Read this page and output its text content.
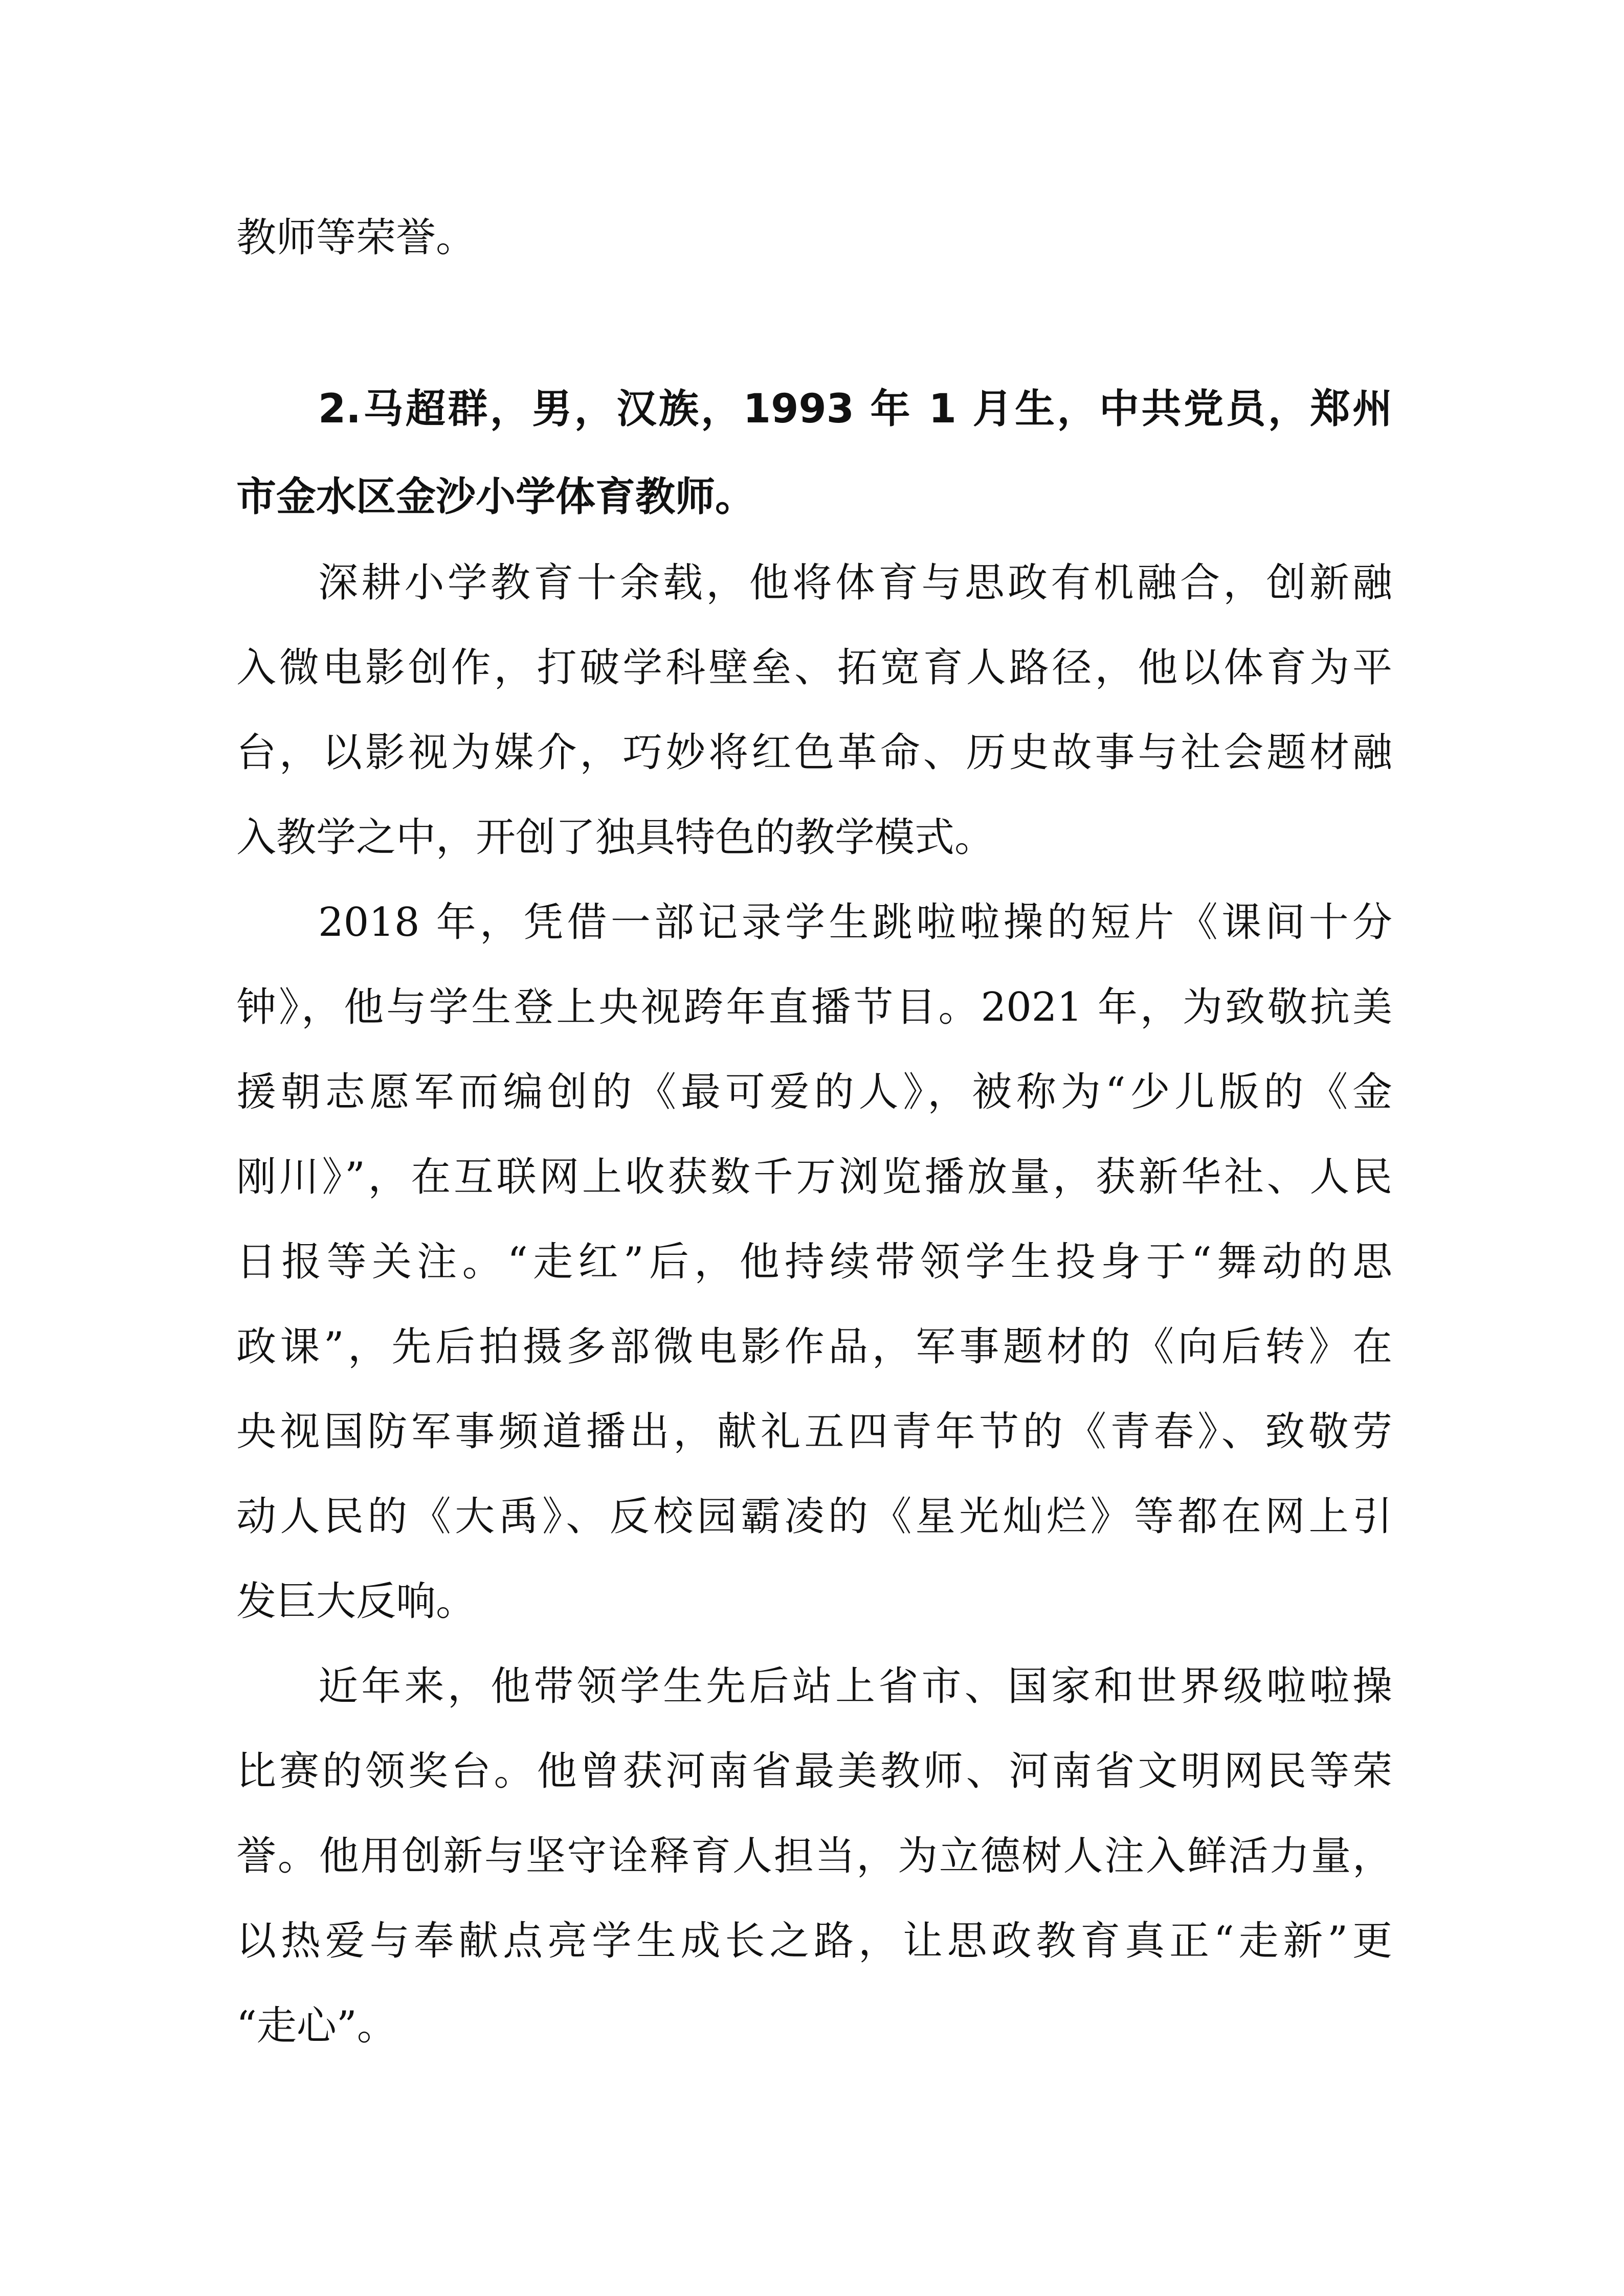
教师等荣誉。
2.马超群，男，汉族，1993 年 1 月生，中共党员，郑州
市金水区金沙小学体育教师。
深耕小学教育十余载，他将体育与思政有机融合，创新融
入微电影创作，打破学科壁垒、拓宽育人路径，他以体育为平
台，以影视为媒介，巧妙将红色革命、历史故事与社会题材融
入教学之中，开创了独具特色的教学模式。
2018 年，凭借一部记录学生跳啦啦操的短片《课间十分
钟》，他与学生登上央视跨年直播节目。2021 年，为致敬抗美
援朝志愿军而编创的《最可爱的人》，被称为“少儿版的《金
刚川》”，在互联网上收获数千万浏览播放量，获新华社、人民
日报等关注。“走红”后，他持续带领学生投身于“舞动的思
政课”，先后拍摄多部微电影作品，军事题材的《向后转》在
央视国防军事频道播出，献礼五四青年节的《青春》、致敬劳
动人民的《大禹》、反校园霸凌的《星光灿烂》等都在网上引
发巨大反响。
近年来，他带领学生先后站上省市、国家和世界级啦啦操
比赛的领奖台。他曾获河南省最美教师、河南省文明网民等荣
誉。他用创新与坚守诠释育人担当，为立德树人注入鲜活力量，
以热爱与奉献点亮学生成长之路，让思政教育真正“走新”更
“走心”。
